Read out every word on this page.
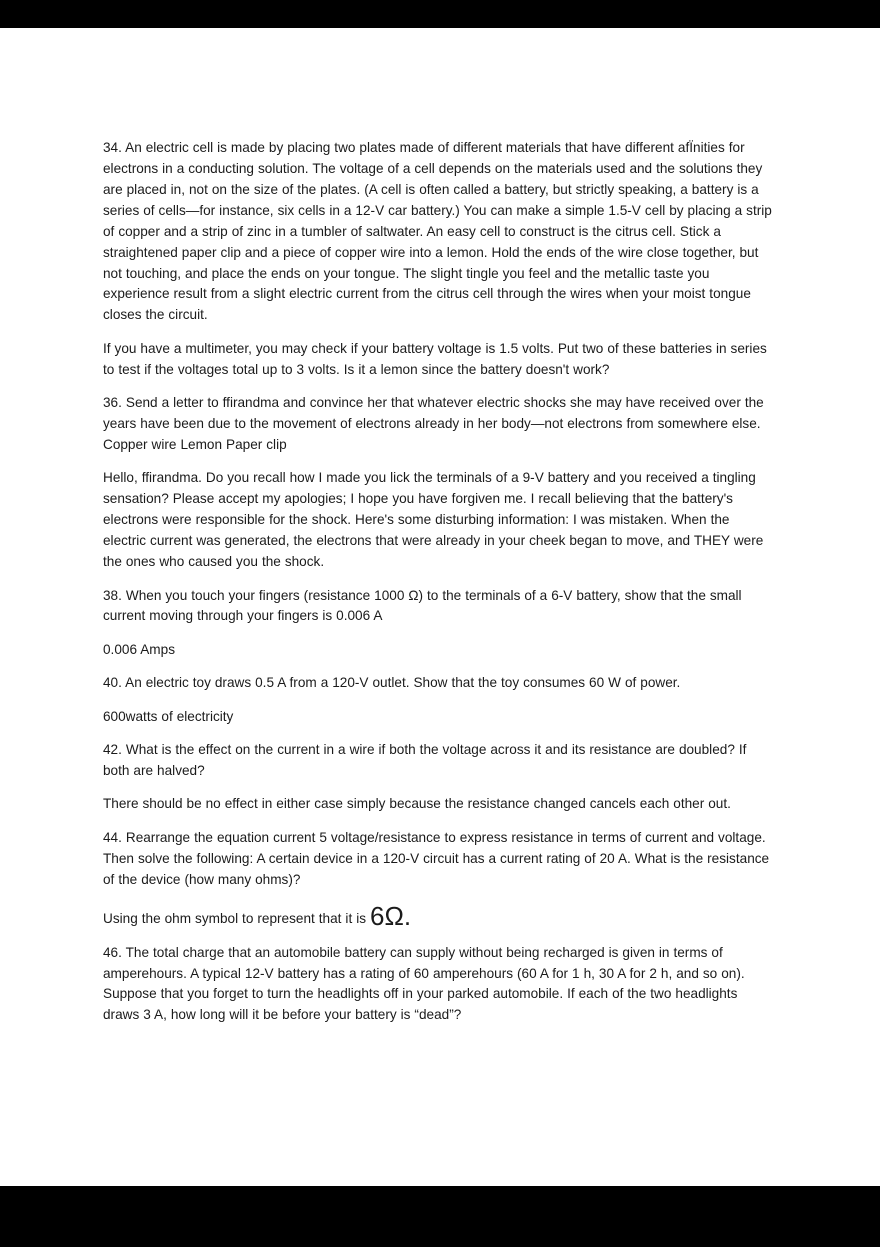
34. An electric cell is made by placing two plates made of different materials that have different afÏnities for electrons in a conducting solution. The voltage of a cell depends on the materials used and the solutions they are placed in, not on the size of the plates. (A cell is often called a battery, but strictly speaking, a battery is a series of cells—for instance, six cells in a 12-V car battery.) You can make a simple 1.5-V cell by placing a strip of copper and a strip of zinc in a tumbler of saltwater. An easy cell to construct is the citrus cell. Stick a straightened paper clip and a piece of copper wire into a lemon. Hold the ends of the wire close together, but not touching, and place the ends on your tongue. The slight tingle you feel and the metallic taste you experience result from a slight electric current from the citrus cell through the wires when your moist tongue closes the circuit.

If you have a multimeter, you may check if your battery voltage is 1.5 volts. Put two of these batteries in series to test if the voltages total up to 3 volts. Is it a lemon since the battery doesn't work?

36. Send a letter to ffirandma and convince her that whatever electric shocks she may have received over the years have been due to the movement of electrons already in her body—not electrons from somewhere else. Copper wire Lemon Paper clip

Hello, ffirandma. Do you recall how I made you lick the terminals of a 9-V battery and you received a tingling sensation? Please accept my apologies; I hope you have forgiven me. I recall believing that the battery's electrons were responsible for the shock. Here's some disturbing information: I was mistaken. When the electric current was generated, the electrons that were already in your cheek began to move, and THEY were the ones who caused you the shock.

38. When you touch your fingers (resistance 1000 Ω) to the terminals of a 6-V battery, show that the small current moving through your fingers is 0.006 A

0.006 Amps

40. An electric toy draws 0.5 A from a 120-V outlet. Show that the toy consumes 60 W of power.

600watts of electricity

42. What is the effect on the current in a wire if both the voltage across it and its resistance are doubled? If both are halved?

There should be no effect in either case simply because the resistance changed cancels each other out.

44. Rearrange the equation current 5 voltage/resistance to express resistance in terms of current and voltage. Then solve the following: A certain device in a 120-V circuit has a current rating of 20 A. What is the resistance of the device (how many ohms)?

Using the ohm symbol to represent that it is 6Ω.

46. The total charge that an automobile battery can supply without being recharged is given in terms of amperehours. A typical 12-V battery has a rating of 60 amperehours (60 A for 1 h, 30 A for 2 h, and so on). Suppose that you forget to turn the headlights off in your parked automobile. If each of the two headlights draws 3 A, how long will it be before your battery is “dead”?
